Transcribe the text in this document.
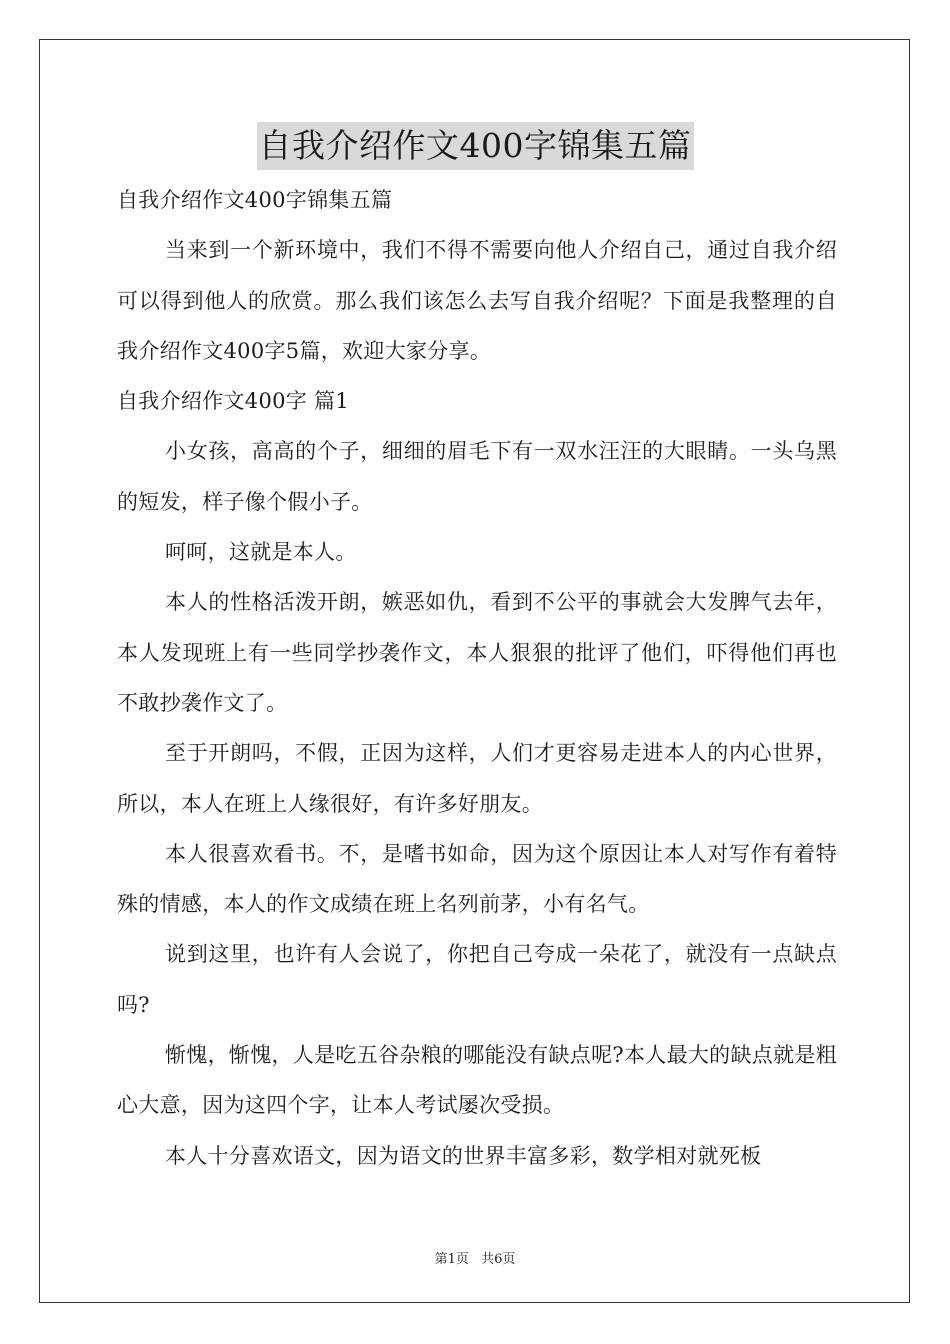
自我介绍作文400字锦集五篇

自我介绍作文400字锦集五篇

当来到一个新环境中，我们不得不需要向他人介绍自己，通过自我介绍可以得到他人的欣赏。那么我们该怎么去写自我介绍呢？下面是我整理的自我介绍作文400字5篇，欢迎大家分享。

自我介绍作文400字 篇1

小女孩，高高的个子，细细的眉毛下有一双水汪汪的大眼睛。一头乌黑的短发，样子像个假小子。

呵呵，这就是本人。

本人的性格活泼开朗，嫉恶如仇，看到不公平的事就会大发脾气去年，本人发现班上有一些同学抄袭作文，本人狠狠的批评了他们，吓得他们再也不敢抄袭作文了。

至于开朗吗，不假，正因为这样，人们才更容易走进本人的内心世界，所以，本人在班上人缘很好，有许多好朋友。

本人很喜欢看书。不，是嗜书如命，因为这个原因让本人对写作有着特殊的情感，本人的作文成绩在班上名列前茅，小有名气。

说到这里，也许有人会说了，你把自己夸成一朵花了，就没有一点缺点吗?

惭愧，惭愧，人是吃五谷杂粮的哪能没有缺点呢?本人最大的缺点就是粗心大意，因为这四个字，让本人考试屡次受损。

本人十分喜欢语文，因为语文的世界丰富多彩，数学相对就死板

第1页 共6页
